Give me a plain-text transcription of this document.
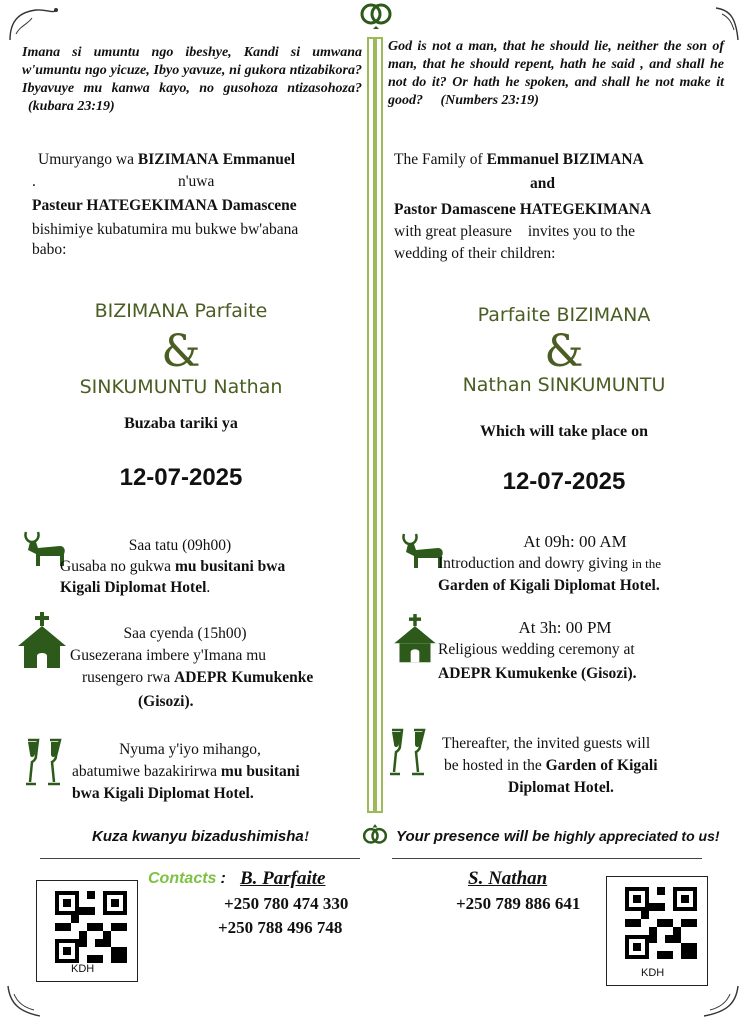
Imana si umuntu ngo ibeshye, Kandi si umwana w'umuntu ngo yicuze, Ibyo yavuze, ni gukora ntizabikora? Ibyavuye mu kanwa kayo, no gusohoza ntizasohoza? (kubara 23:19)
Umuryango wa BIZIMANA Emmanuel
.	n'uwa
Pasteur HATEGEKIMANA Damascene
bishimiye kubatumira mu bukwe bw'abana babo:
BIZIMANA Parfaite
&
SINKUMUNTU Nathan
Buzaba tariki ya
12-07-2025
Saa tatu (09h00)
Gusaba no gukwa mu busitani bwa
Kigali Diplomat Hotel.
Saa cyenda (15h00)
Gusezerana imbere y'Imana mu
rusengero rwa ADEPR Kumukenke
(Gisozi).
Nyuma y'iyo mihango,
abatumiwe bazakirirwa mu busitani
bwa Kigali Diplomat Hotel.
Kuza kwanyu bizadushimisha!
God is not a man, that he should lie, neither the son of man, that he should repent, hath he said , and shall he not do it? Or hath he spoken, and shall he not make it good? (Numbers 23:19)
The Family of Emmanuel BIZIMANA
and
Pastor Damascene HATEGEKIMANA
with great pleasure invites you to the
wedding of their children:
Parfaite BIZIMANA
&
Nathan SINKUMUNTU
Which will take place on
12-07-2025
At 09h: 00 AM
Introduction and dowry giving in the
Garden of Kigali Diplomat Hotel.
At 3h: 00 PM
Religious wedding ceremony at
ADEPR Kumukenke (Gisozi).
Thereafter, the invited guests will
be hosted in the Garden of Kigali
Diplomat Hotel.
Your presence will be highly appreciated to us!
Contacts : B. Parfaite
+250 780 474 330
+250 788 496 748
S. Nathan
+250 789 886 641
KDH	KDH
